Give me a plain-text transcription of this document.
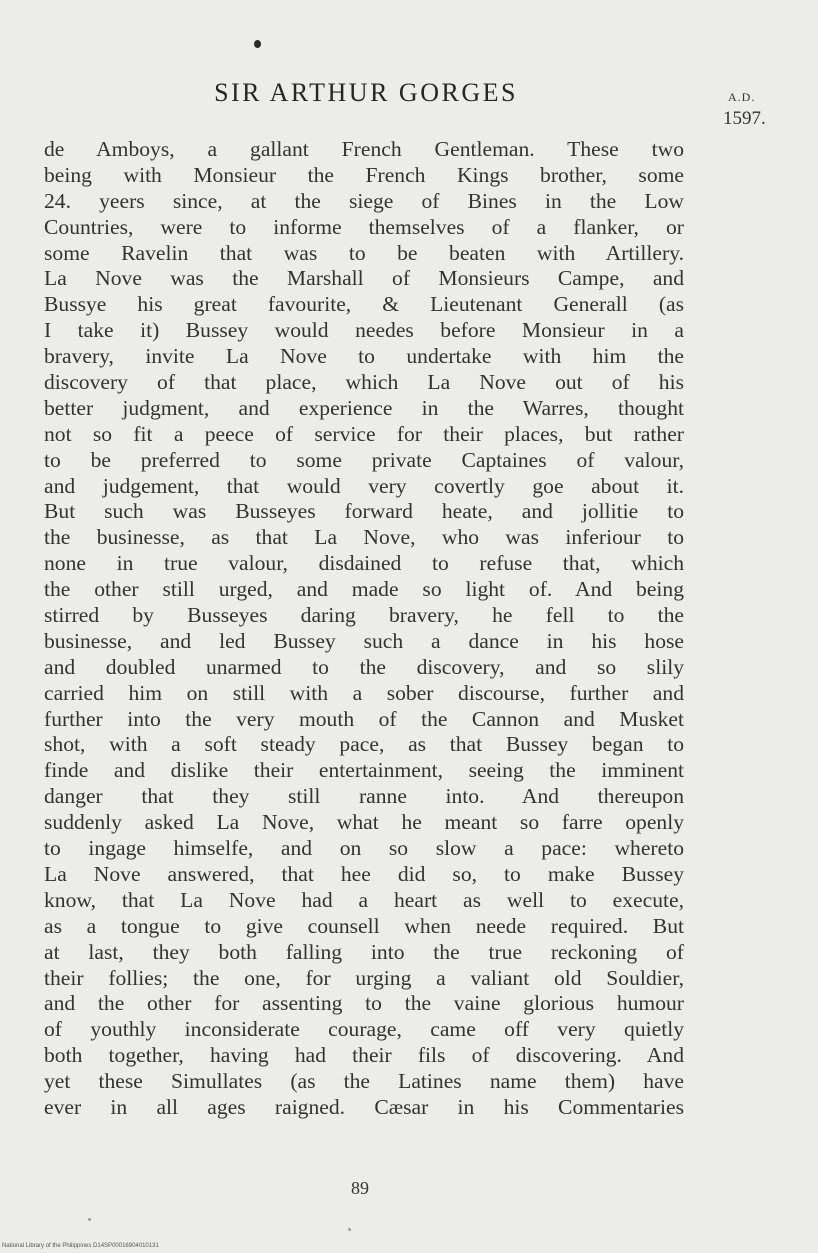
SIR ARTHUR GORGES	A.D.
1597.
de Amboys, a gallant French Gentleman. These two
being with Monsieur the French Kings brother, some
24. yeers since, at the siege of Bines in the Low
Countries, were to informe themselves of a flanker, or
some Ravelin that was to be beaten with Artillery.
La Nove was the Marshall of Monsieurs Campe, and
Bussye his great favourite, & Lieutenant Generall (as
I take it) Bussey would needes before Monsieur in a
bravery, invite La Nove to undertake with him the
discovery of that place, which La Nove out of his
better judgment, and experience in the Warres, thought
not so fit a peece of service for their places, but rather
to be preferred to some private Captaines of valour,
and judgement, that would very covertly goe about it.
But such was Busseyes forward heate, and jollitie to
the businesse, as that La Nove, who was inferiour to
none in true valour, disdained to refuse that, which
the other still urged, and made so light of. And being
stirred by Busseyes daring bravery, he fell to the
businesse, and led Bussey such a dance in his hose
and doubled unarmed to the discovery, and so slily
carried him on still with a sober discourse, further and
further into the very mouth of the Cannon and Musket
shot, with a soft steady pace, as that Bussey began to
finde and dislike their entertainment, seeing the imminent
danger that they still ranne into. And thereupon
suddenly asked La Nove, what he meant so farre openly
to ingage himselfe, and on so slow a pace: whereto
La Nove answered, that hee did so, to make Bussey
know, that La Nove had a heart as well to execute,
as a tongue to give counsell when neede required. But
at last, they both falling into the true reckoning of
their follies; the one, for urging a valiant old Souldier,
and the other for assenting to the vaine glorious humour
of youthly inconsiderate courage, came off very quietly
both together, having had their fils of discovering. And
yet these Simullates (as the Latines name them) have
ever in all ages raigned. Cæsar in his Commentaries
89
National Library of the Philippines D14SP00016904010131
